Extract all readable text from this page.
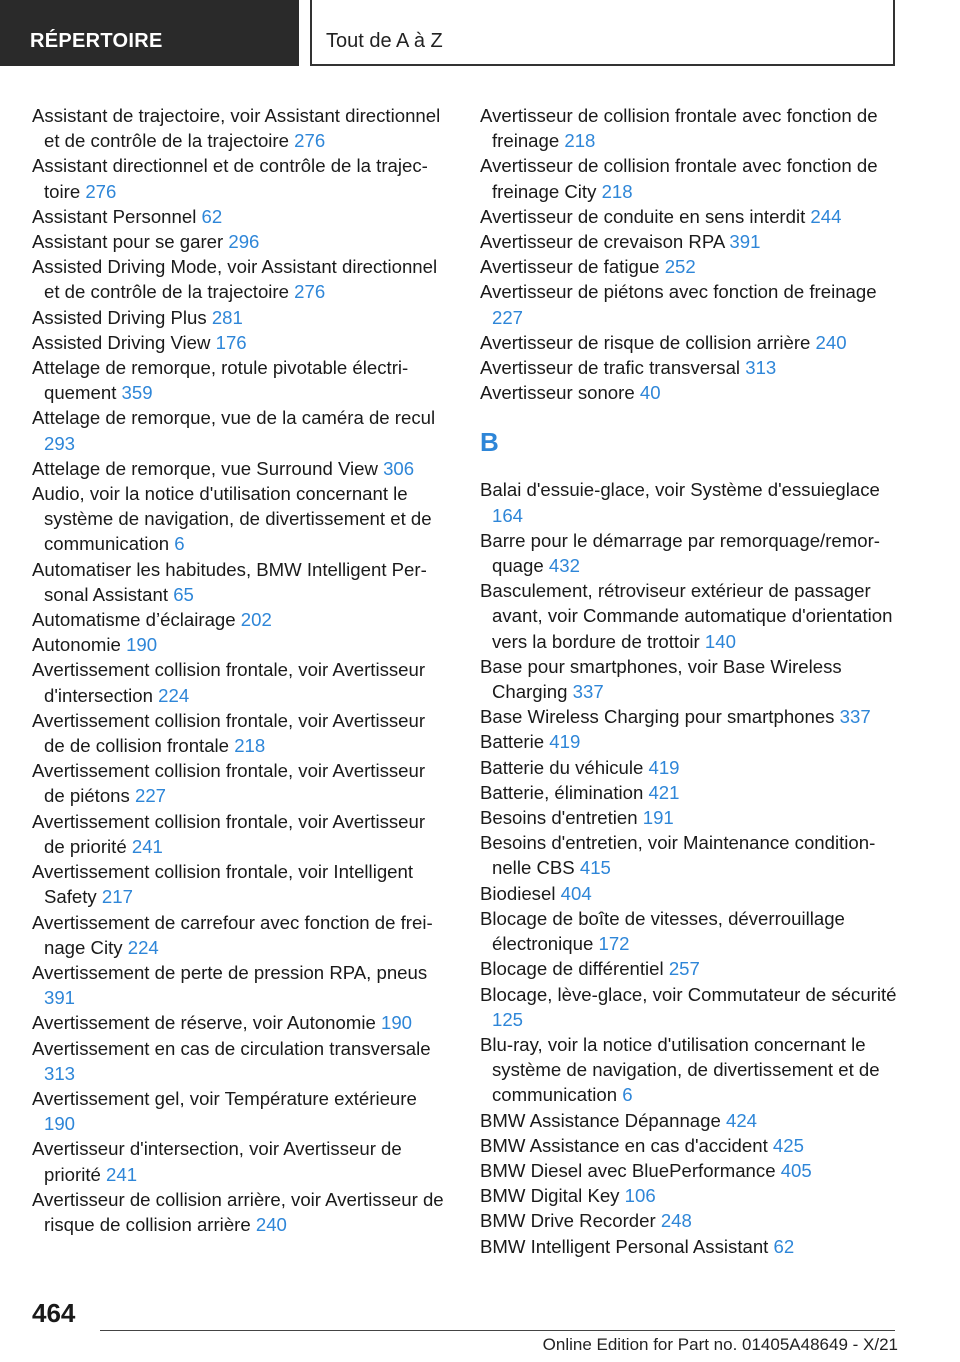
RÉPERTOIRE	Tout de A à Z
Assistant de trajectoire, voir Assistant directionnel et de contrôle de la trajectoire 276
Assistant directionnel et de contrôle de la trajectoire 276
Assistant Personnel 62
Assistant pour se garer 296
Assisted Driving Mode, voir Assistant directionnel et de contrôle de la trajectoire 276
Assisted Driving Plus 281
Assisted Driving View 176
Attelage de remorque, rotule pivotable électriquement 359
Attelage de remorque, vue de la caméra de recul 293
Attelage de remorque, vue Surround View 306
Audio, voir la notice d'utilisation concernant le système de navigation, de divertissement et de communication 6
Automatiser les habitudes, BMW Intelligent Personal Assistant 65
Automatisme d’éclairage 202
Autonomie 190
Avertissement collision frontale, voir Avertisseur d'intersection 224
Avertissement collision frontale, voir Avertisseur de de collision frontale 218
Avertissement collision frontale, voir Avertisseur de piétons 227
Avertissement collision frontale, voir Avertisseur de priorité 241
Avertissement collision frontale, voir Intelligent Safety 217
Avertissement de carrefour avec fonction de freinage City 224
Avertissement de perte de pression RPA, pneus 391
Avertissement de réserve, voir Autonomie 190
Avertissement en cas de circulation transversale 313
Avertissement gel, voir Température extérieure 190
Avertisseur d'intersection, voir Avertisseur de priorité 241
Avertisseur de collision arrière, voir Avertisseur de risque de collision arrière 240
Avertisseur de collision frontale avec fonction de freinage 218
Avertisseur de collision frontale avec fonction de freinage City 218
Avertisseur de conduite en sens interdit 244
Avertisseur de crevaison RPA 391
Avertisseur de fatigue 252
Avertisseur de piétons avec fonction de freinage 227
Avertisseur de risque de collision arrière 240
Avertisseur de trafic transversal 313
Avertisseur sonore 40
B
Balai d'essuie-glace, voir Système d'essuieglace 164
Barre pour le démarrage par remorquage/remorquage 432
Basculement, rétroviseur extérieur de passager avant, voir Commande automatique d'orientation vers la bordure de trottoir 140
Base pour smartphones, voir Base Wireless Charging 337
Base Wireless Charging pour smartphones 337
Batterie 419
Batterie du véhicule 419
Batterie, élimination 421
Besoins d'entretien 191
Besoins d'entretien, voir Maintenance conditionnelle CBS 415
Biodiesel 404
Blocage de boîte de vitesses, déverrouillage électronique 172
Blocage de différentiel 257
Blocage, lève-glace, voir Commutateur de sécurité 125
Blu-ray, voir la notice d'utilisation concernant le système de navigation, de divertissement et de communication 6
BMW Assistance Dépannage 424
BMW Assistance en cas d'accident 425
BMW Diesel avec BluePerformance 405
BMW Digital Key 106
BMW Drive Recorder 248
BMW Intelligent Personal Assistant 62
464
Online Edition for Part no. 01405A48649 - X/21
